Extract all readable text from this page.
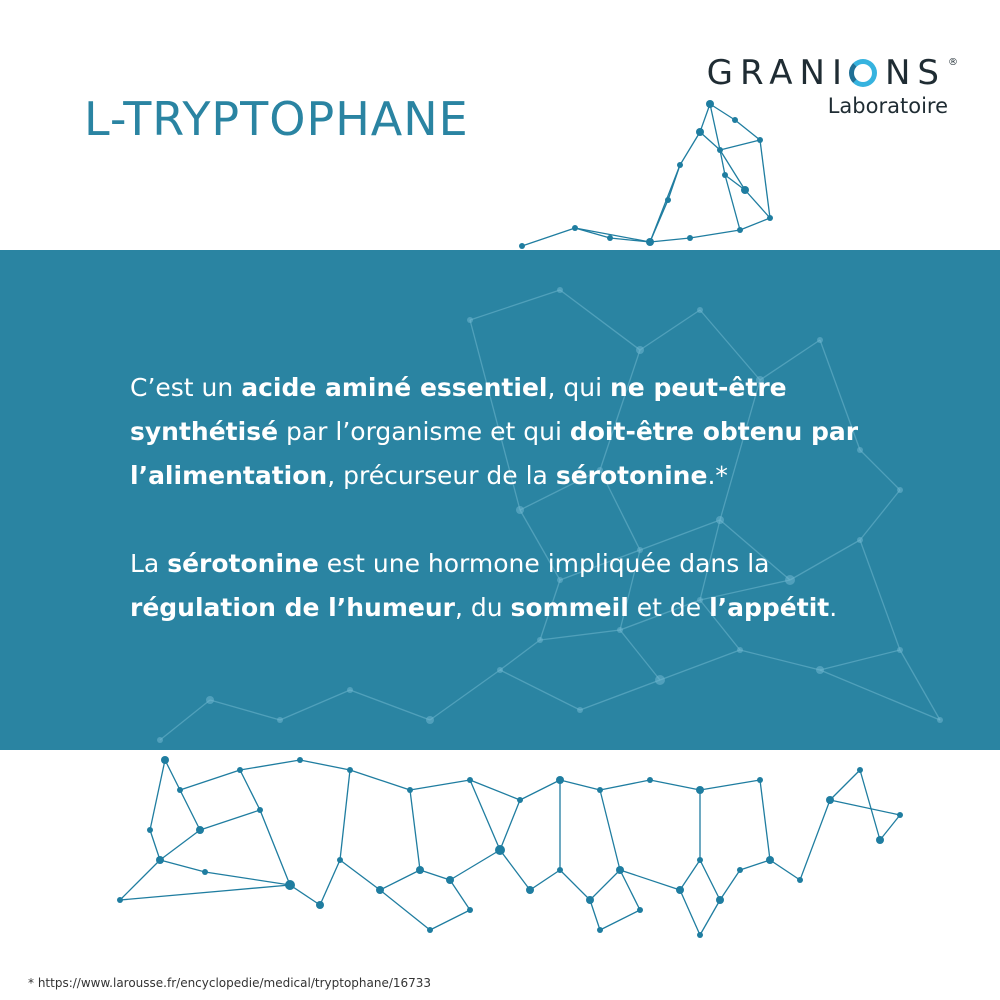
L-TRYPTOPHANE
GRANI NS ®
Laboratoire

C’est un acide aminé essentiel, qui ne peut-être synthétisé par l’organisme et qui doit-être obtenu par l’alimentation, précurseur de la sérotonine.*

La sérotonine est une hormone impliquée dans la régulation de l’humeur, du sommeil et de l’appétit.

* https://www.larousse.fr/encyclopedie/medical/tryptophane/16733
